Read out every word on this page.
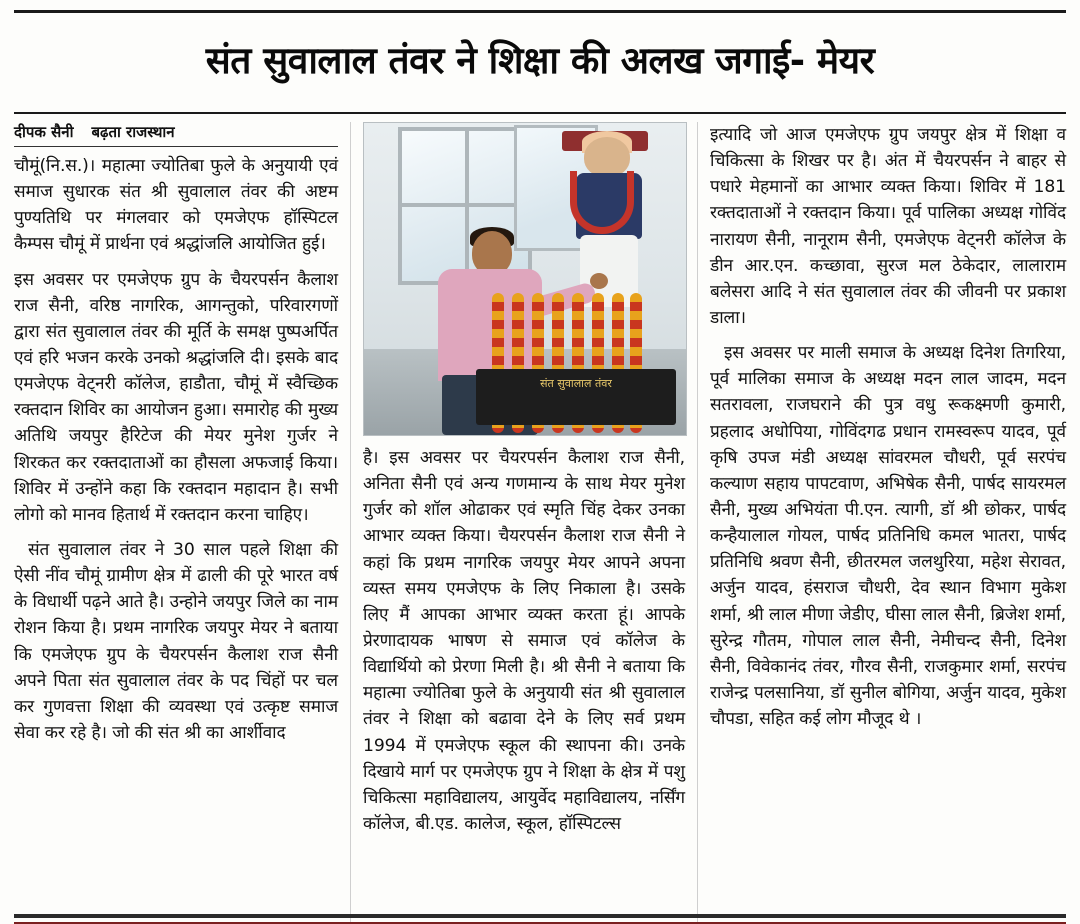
संत सुवालाल तंवर ने शिक्षा की अलख जगाई- मेयर
दीपक सैनी बढ़ता राजस्थान

चौमूं(नि.स.)। महात्मा ज्योतिबा फुले के अनुयायी एवं समाज सुधारक संत श्री सुवालाल तंवर की अष्टम पुण्यतिथि पर मंगलवार को एमजेएफ हॉस्पिटल कैम्पस चौमूं में प्रार्थना एवं श्रद्धांजलि आयोजित हुई।

इस अवसर पर एमजेएफ ग्रुप के चैयरपर्सन कैलाश राज सैनी, वरिष्ठ नागरिक, आगन्तुको, परिवारगणों द्वारा संत सुवालाल तंवर की मूर्ति के समक्ष पुष्पअर्पित एवं हरि भजन करके उनको श्रद्धांजलि दी। इसके बाद एमजेएफ वेट्नरी कॉलेज, हाडौता, चौमूं में स्वैच्छिक रक्तदान शिविर का आयोजन हुआ। समारोह की मुख्य अतिथि जयपुर हैरिटेज की मेयर मुनेश गुर्जर ने शिरकत कर रक्तदाताओं का हौसला अफजाई किया। शिविर में उन्होंने कहा कि रक्तदान महादान है। सभी लोगो को मानव हितार्थ में रक्तदान करना चाहिए।

संत सुवालाल तंवर ने 30 साल पहले शिक्षा की ऐसी नींव चौमूं ग्रामीण क्षेत्र में ढाली की पूरे भारत वर्ष के विधार्थी पढ़ने आते है। उन्होने जयपुर जिले का नाम रोशन किया है। प्रथम नागरिक जयपुर मेयर ने बताया कि एमजेएफ ग्रुप के चैयरपर्सन कैलाश राज सैनी अपने पिता संत सुवालाल तंवर के पद चिंहों पर चल कर गुणवत्ता शिक्षा की व्यवस्था एवं उत्कृष्ट समाज सेवा कर रहे है। जो की संत श्री का आर्शीवाद

संत सुवालाल तंवर

है। इस अवसर पर चैयरपर्सन कैलाश राज सैनी, अनिता सैनी एवं अन्य गणमान्य के साथ मेयर मुनेश गुर्जर को शॉल ओढाकर एवं स्मृति चिंह देकर उनका आभार व्यक्त किया। चैयरपर्सन कैलाश राज सैनी ने कहां कि प्रथम नागरिक जयपुर मेयर आपने अपना व्यस्त समय एमजेएफ के लिए निकाला है। उसके लिए मैं आपका आभार व्यक्त करता हूं। आपके प्रेरणादायक भाषण से समाज एवं कॉलेज के विद्यार्थियो को प्रेरणा मिली है। श्री सैनी ने बताया कि महात्मा ज्योतिबा फुले के अनुयायी संत श्री सुवालाल तंवर ने शिक्षा को बढावा देने के लिए सर्व प्रथम 1994 में एमजेएफ स्कूल की स्थापना की। उनके दिखाये मार्ग पर एमजेएफ ग्रुप ने शिक्षा के क्षेत्र में पशु चिकित्सा महाविद्यालय, आयुर्वेद महाविद्यालय, नर्सिंग कॉलेज, बी.एड. कालेज, स्कूल, हॉस्पिटल्स

इत्यादि जो आज एमजेएफ ग्रुप जयपुर क्षेत्र में शिक्षा व चिकित्सा के शिखर पर है। अंत में चैयरपर्सन ने बाहर से पधारे मेहमानों का आभार व्यक्त किया। शिविर में 181 रक्तदाताओं ने रक्तदान किया। पूर्व पालिका अध्यक्ष गोविंद नारायण सैनी, नानूराम सैनी, एमजेएफ वेट्नरी कॉलेज के डीन आर.एन. कच्छावा, सुरज मल ठेकेदार, लालाराम बलेसरा आदि ने संत सुवालाल तंवर की जीवनी पर प्रकाश डाला।

इस अवसर पर माली समाज के अध्यक्ष दिनेश तिगरिया, पूर्व मालिका समाज के अध्यक्ष मदन लाल जादम, मदन सतरावला, राजघराने की पुत्र वधु रूकक्ष्मणी कुमारी, प्रहलाद अधोपिया, गोविंदगढ प्रधान रामस्वरूप यादव, पूर्व कृषि उपज मंडी अध्यक्ष सांवरमल चौधरी, पूर्व सरपंच कल्याण सहाय पापटवाण, अभिषेक सैनी, पार्षद सायरमल सैनी, मुख्य अभियंता पी.एन. त्यागी, डॉ श्री छोकर, पार्षद कन्हैयालाल गोयल, पार्षद प्रतिनिधि कमल भातरा, पार्षद प्रतिनिधि श्रवण सैनी, छीतरमल जलथुरिया, महेश सेरावत, अर्जुन यादव, हंसराज चौधरी, देव स्थान विभाग मुकेश शर्मा, श्री लाल मीणा जेडीए, घीसा लाल सैनी, ब्रिजेश शर्मा, सुरेन्द्र गौतम, गोपाल लाल सैनी, नेमीचन्द सैनी, दिनेश सैनी, विवेकानंद तंवर, गौरव सैनी, राजकुमार शर्मा, सरपंच राजेन्द्र पलसानिया, डॉ सुनील बोगिया, अर्जुन यादव, मुकेश चौपडा, सहित कई लोग मौजूद थे ।
